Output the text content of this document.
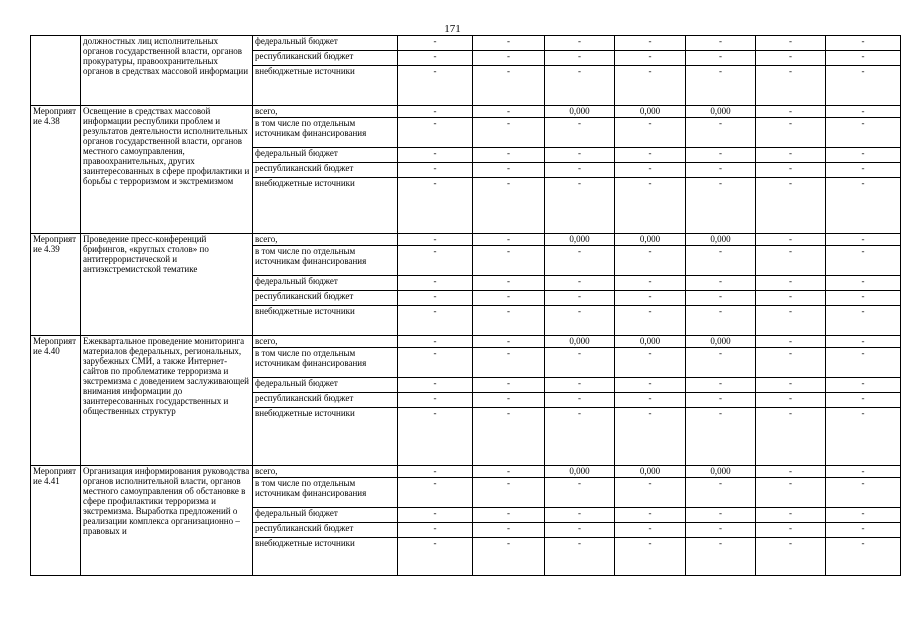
171
	должностных лиц исполнительных органов государственной власти, органов прокуратуры, правоохранительных органов в средствах массовой информации	федеральный бюджет	-	-	-	-	-	-	-
		республиканский бюджет	-	-	-	-	-	-	-
		внебюджетные источники	-	-	-	-	-	-	-
Мероприятие 4.38	Освещение в средствах массовой информации республики проблем и результатов деятельности исполнительных органов государственной власти, органов местного самоуправления, правоохранительных, других заинтересованных в сфере профилактики и борьбы с терроризмом и экстремизмом	всего,	-	-	0,000	0,000	0,000	-	-
		в том числе по отдельным источникам финансирования	-	-	-	-	-	-	-
		федеральный бюджет	-	-	-	-	-	-	-
		республиканский бюджет	-	-	-	-	-	-	-
		внебюджетные источники	-	-	-	-	-	-	-
Мероприятие 4.39	Проведение пресс-конференций брифингов, «круглых столов» по антитеррористической и антиэкстремистской тематике	всего,	-	-	0,000	0,000	0,000	-	-
		в том числе по отдельным источникам финансирования	-	-	-	-	-	-	-
		федеральный бюджет	-	-	-	-	-	-	-
		республиканский бюджет	-	-	-	-	-	-	-
		внебюджетные источники	-	-	-	-	-	-	-
Мероприятие 4.40	Ежеквартальное проведение мониторинга материалов федеральных, региональных, зарубежных СМИ, а также Интернет-сайтов по проблематике терроризма и экстремизма с доведением заслуживающей внимания информации до заинтересованных государственных и общественных структур	всего,	-	-	0,000	0,000	0,000	-	-
		в том числе по отдельным источникам финансирования	-	-	-	-	-	-	-
		федеральный бюджет	-	-	-	-	-	-	-
		республиканский бюджет	-	-	-	-	-	-	-
		внебюджетные источники	-	-	-	-	-	-	-
Мероприятие 4.41	Организация информирования руководства органов исполнительной власти, органов местного самоуправления об обстановке в сфере профилактики терроризма и экстремизма. Выработка предложений о реализации комплекса организационно – правовых и	всего,	-	-	0,000	0,000	0,000	-	-
		в том числе по отдельным источникам финансирования	-	-	-	-	-	-	-
		федеральный бюджет	-	-	-	-	-	-	-
		республиканский бюджет	-	-	-	-	-	-	-
		внебюджетные источники	-	-	-	-	-	-	-
